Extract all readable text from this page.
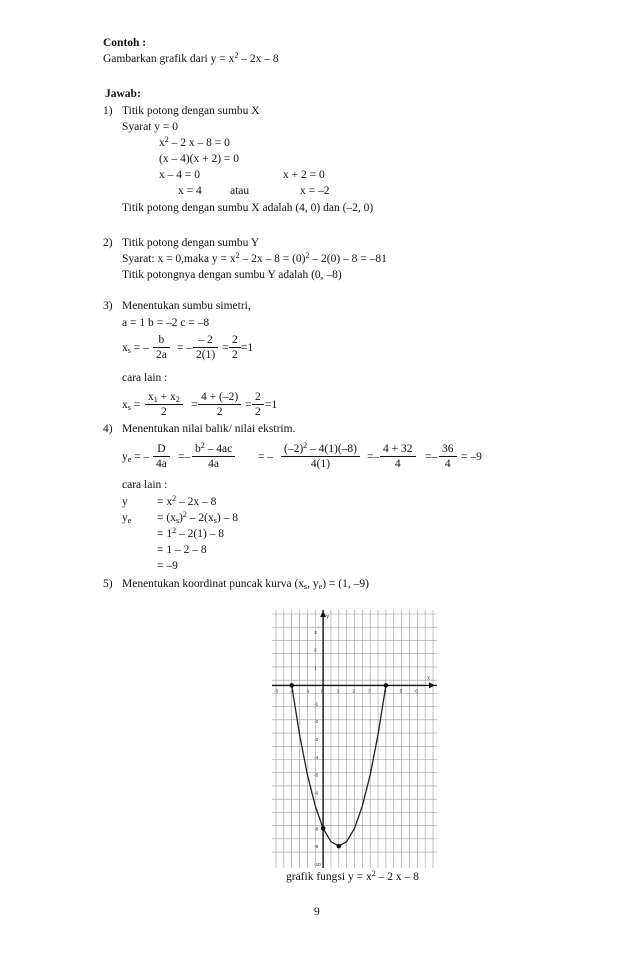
Contoh :
Gambarkan grafik dari $y = x^2 - 2x - 8$
Jawab:
1) Titik potong dengan sumbu X
Syarat y = 0
$x^2 - 2$ x – 8 = 0
(x – 4)(x + 2) = 0
x – 4 = 0	x + 2 = 0
x = 4 atau	x = –2
Titik potong dengan sumbu X adalah (4, 0) dan (–2, 0)
2) Titik potong dengan sumbu Y
Syarat: x = 0,maka $y = x^2 - 2x - 8 = (0)^2 - 2(0) - 8 = -81$
Titik potongnya dengan sumbu Y adalah (0, –8)
3) Menentukan sumbu simetri,
a = 1 b = –2 c = –8
$x_s$ = – $\frac{b}{2a}$ = – $\frac{- 2}{2(1)} = \frac{2}{2} =1$
cara lain :
$x_s = \frac{x_1 + x_2}{2} = \frac{4 + (-2)}{2} = \frac{2}{2} =1$
4) Menentukan nilai balik/ nilai ekstrim.
$y_e$ = – $\frac{D}{4a} =- \frac{b^2 - 4ac}{4a}$ = – $\frac{(-2)^2 - 4(1)(-8)}{4(1)} =- \frac{4 + 32}{4} =- \frac{36}{4} = -9$
cara lain :
y	= $x^2 - 2x - 8$
$y_e = (x_s)^2 - 2(x_s) - 8$
= $1^2 - 2(1) - 8$
= 1 – 2 – 8
= –9
5) Menentukan koordinat puncak kurva ($x_s$, $y_e) = (1$, –9)
x
y
-3	-2	-1	0	1	2	3	4	5	6
3
2
1
-1
-2
-3
-4
-5
-6
-7
-8
-9
-10
grafik fungsi $y = x^2 - 2$ x – 8
9
